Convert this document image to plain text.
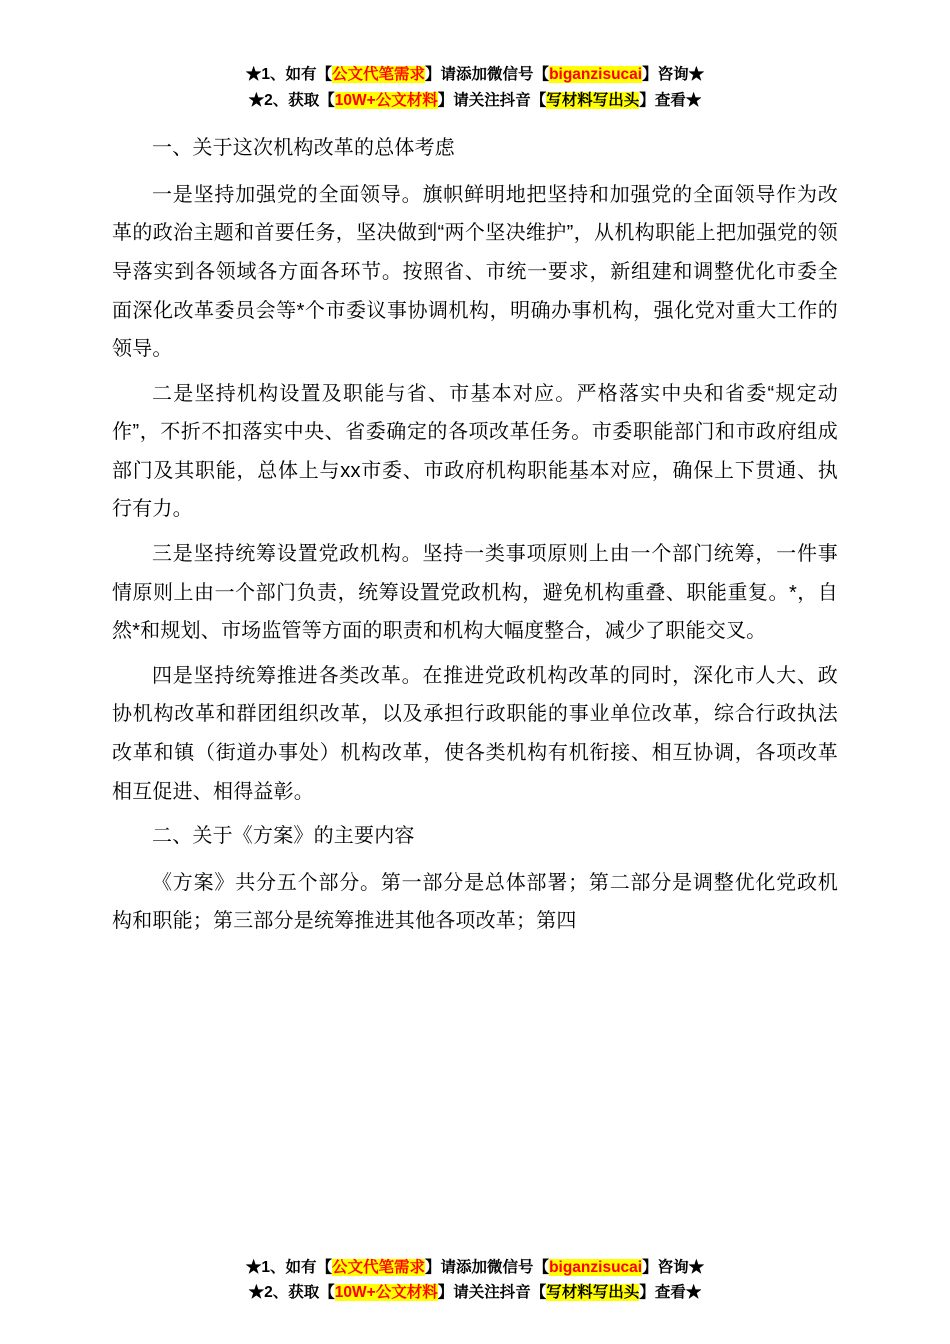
★1、如有【公文代笔需求】请添加微信号【biganzisucai】咨询★
★2、获取【10W+公文材料】请关注抖音【写材料写出头】查看★

一、关于这次机构改革的总体考虑

一是坚持加强党的全面领导。旗帜鲜明地把坚持和加强党的全面领导作为改革的政治主题和首要任务，坚决做到“两个坚决维护”，从机构职能上把加强党的领导落实到各领域各方面各环节。按照省、市统一要求，新组建和调整优化市委全面深化改革委员会等*个市委议事协调机构，明确办事机构，强化党对重大工作的领导。

二是坚持机构设置及职能与省、市基本对应。严格落实中央和省委“规定动作”，不折不扣落实中央、省委确定的各项改革任务。市委职能部门和市政府组成部门及其职能，总体上与xx市委、市政府机构职能基本对应，确保上下贯通、执行有力。

三是坚持统筹设置党政机构。坚持一类事项原则上由一个部门统筹，一件事情原则上由一个部门负责，统筹设置党政机构，避免机构重叠、职能重复。*，自然*和规划、市场监管等方面的职责和机构大幅度整合，减少了职能交叉。

四是坚持统筹推进各类改革。在推进党政机构改革的同时，深化市人大、政协机构改革和群团组织改革，以及承担行政职能的事业单位改革，综合行政执法改革和镇（街道办事处）机构改革，使各类机构有机衔接、相互协调，各项改革相互促进、相得益彰。

二、关于《方案》的主要内容

《方案》共分五个部分。第一部分是总体部署；第二部分是调整优化党政机构和职能；第三部分是统筹推进其他各项改革；第四

★1、如有【公文代笔需求】请添加微信号【biganzisucai】咨询★
★2、获取【10W+公文材料】请关注抖音【写材料写出头】查看★
